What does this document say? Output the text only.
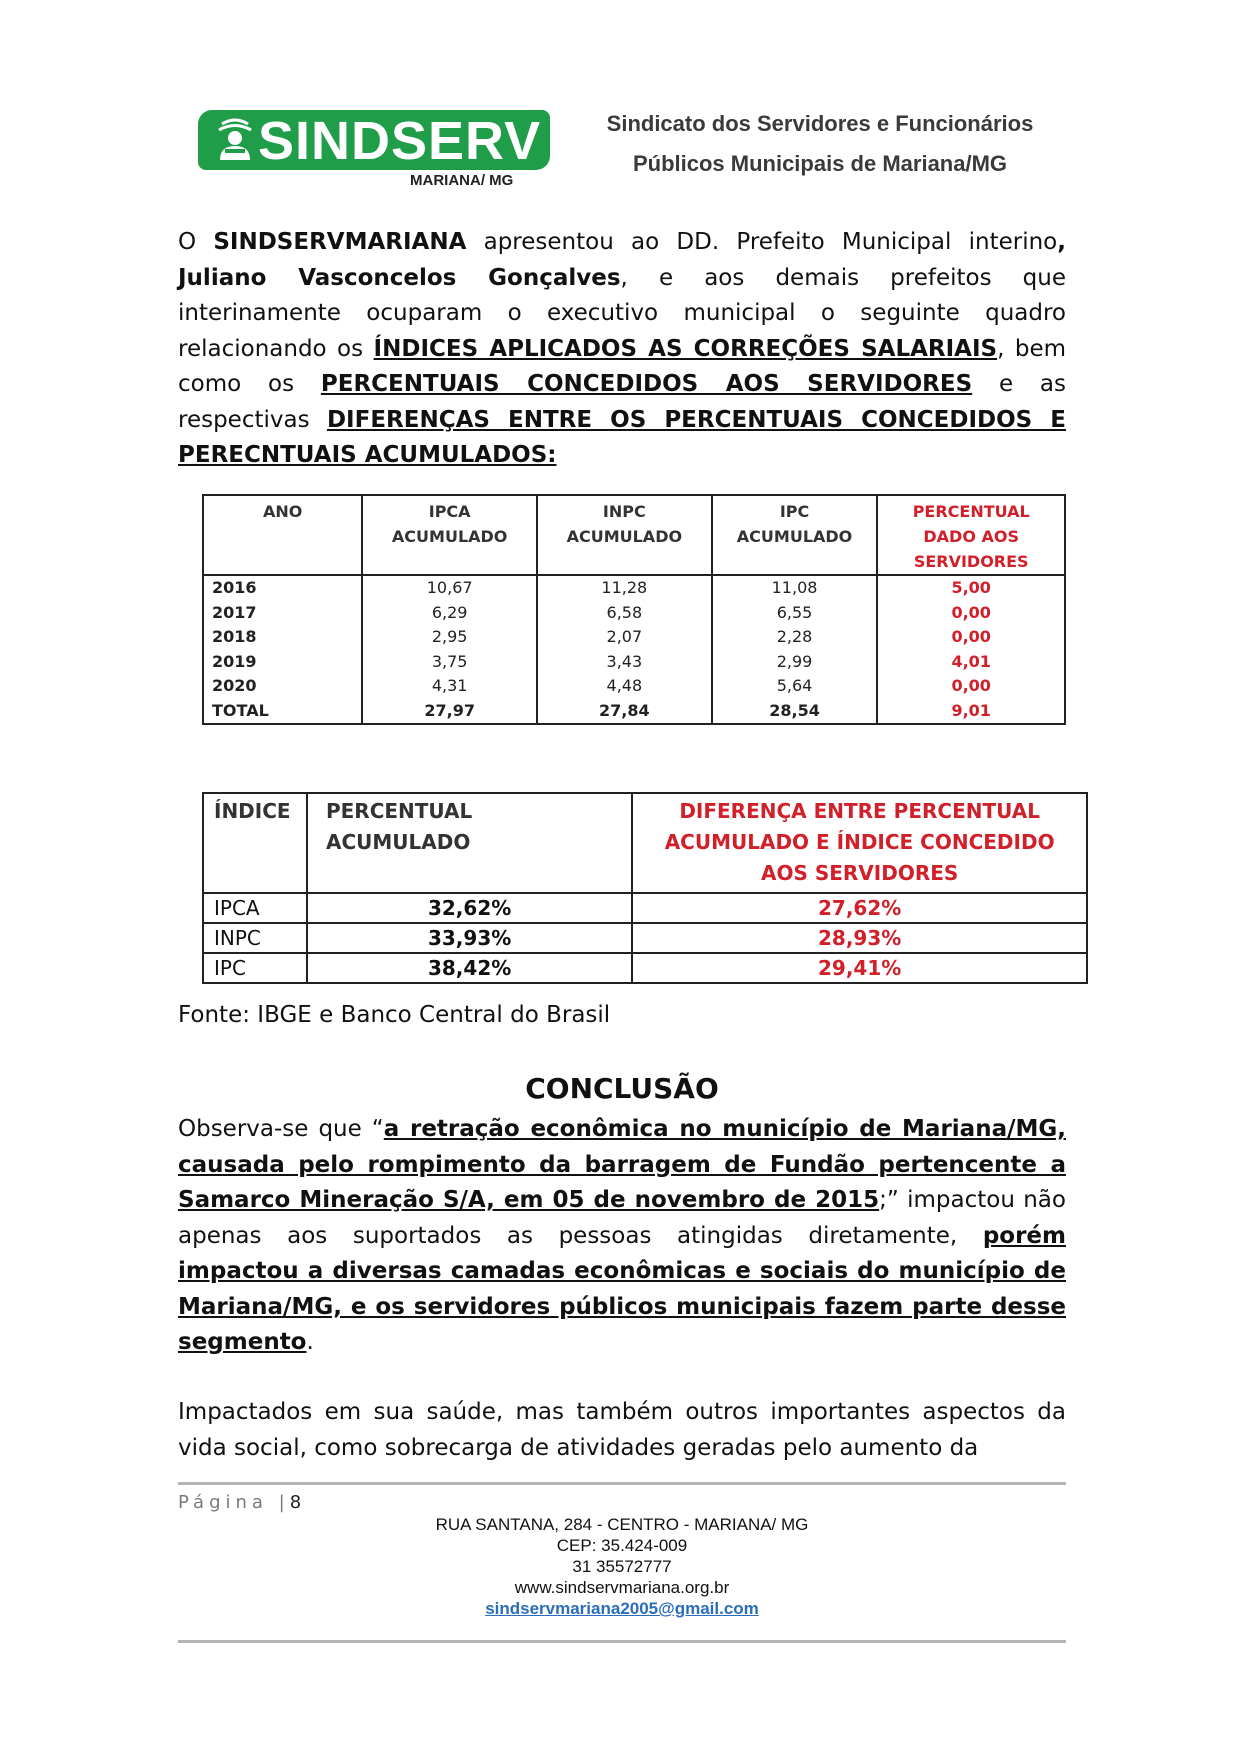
SINDSERV
MARIANA/ MG
Sindicato dos Servidores e Funcionários
Públicos Municipais de Mariana/MG
O SINDSERVMARIANA apresentou ao DD. Prefeito Municipal interino, Juliano Vasconcelos Gonçalves, e aos demais prefeitos que interinamente ocuparam o executivo municipal o seguinte quadro relacionando os ÍNDICES APLICADOS AS CORREÇÕES SALARIAIS, bem como os PERCENTUAIS CONCEDIDOS AOS SERVIDORES e as respectivas DIFERENÇAS ENTRE OS PERCENTUAIS CONCEDIDOS E PERECNTUAIS ACUMULADOS:
ANO	IPCA ACUMULADO	INPC ACUMULADO	IPC ACUMULADO	PERCENTUAL DADO AOS SERVIDORES
2016	10,67	11,28	11,08	5,00
2017	6,29	6,58	6,55	0,00
2018	2,95	2,07	2,28	0,00
2019	3,75	3,43	2,99	4,01
2020	4,31	4,48	5,64	0,00
TOTAL	27,97	27,84	28,54	9,01
ÍNDICE	PERCENTUAL ACUMULADO	DIFERENÇA ENTRE PERCENTUAL ACUMULADO E ÍNDICE CONCEDIDO AOS SERVIDORES
IPCA	32,62%	27,62%
INPC	33,93%	28,93%
IPC	38,42%	29,41%
Fonte: IBGE e Banco Central do Brasil
CONCLUSÃO
Observa-se que “a retração econômica no município de Mariana/MG, causada pelo rompimento da barragem de Fundão pertencente a Samarco Mineração S/A, em 05 de novembro de 2015;” impactou não apenas aos suportados as pessoas atingidas diretamente, porém impactou a diversas camadas econômicas e sociais do município de Mariana/MG, e os servidores públicos municipais fazem parte desse segmento.
Impactados em sua saúde, mas também outros importantes aspectos da vida social, como sobrecarga de atividades geradas pelo aumento da
Página |8
RUA SANTANA, 284 - CENTRO - MARIANA/ MG
CEP: 35.424-009
31 35572777
www.sindservmariana.org.br
sindservmariana2005@gmail.com
